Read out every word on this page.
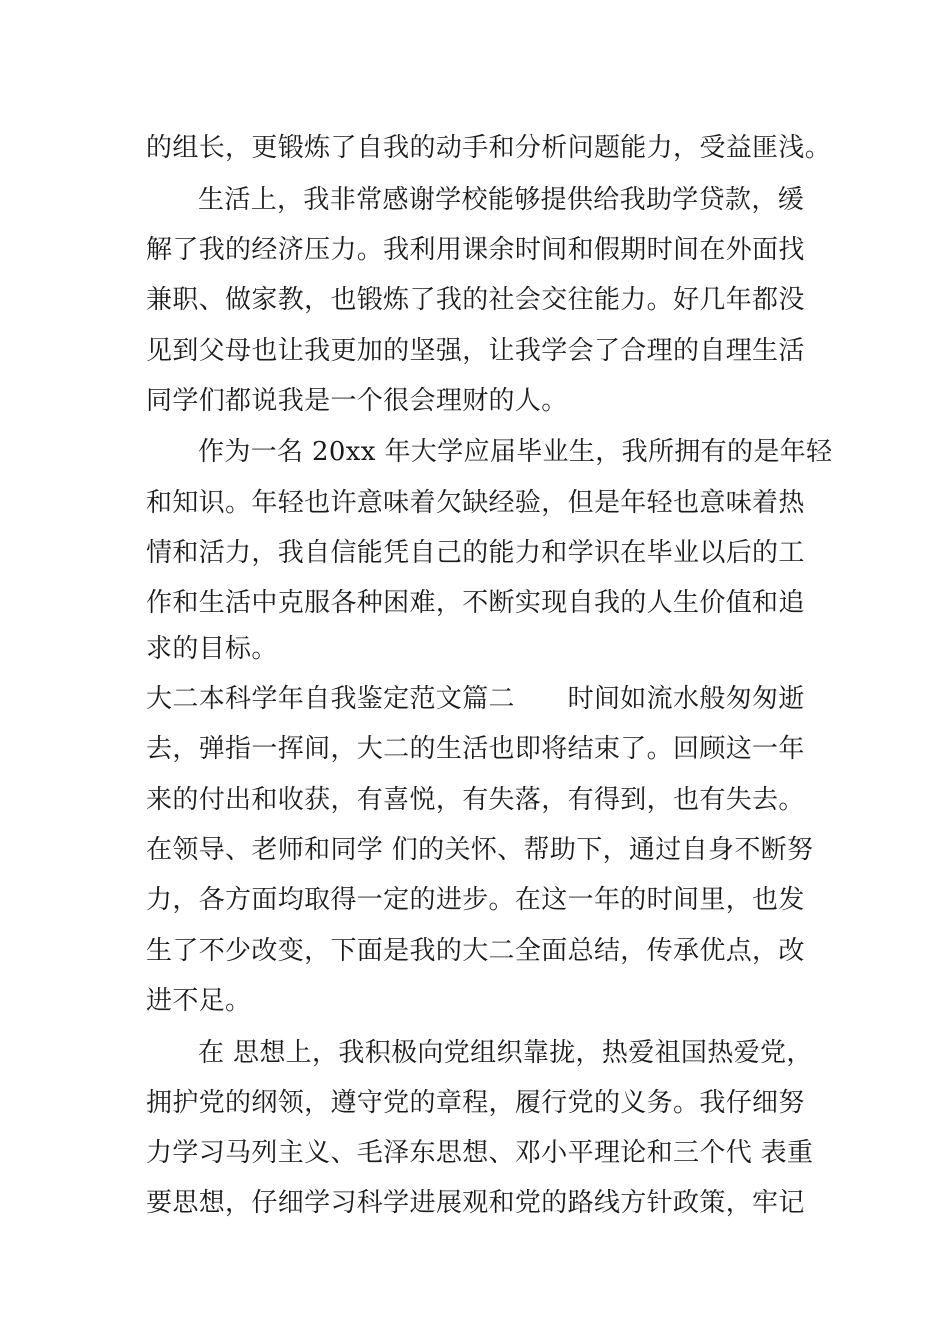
的组长，更锻炼了自我的动手和分析问题能力，受益匪浅。

生活上，我非常感谢学校能够提供给我助学贷款，缓

解了我的经济压力。我利用课余时间和假期时间在外面找

兼职、做家教，也锻炼了我的社会交往能力。好几年都没

见到父母也让我更加的坚强，让我学会了合理的自理生活

同学们都说我是一个很会理财的人。

作为一名 20xx 年大学应届毕业生，我所拥有的是年轻

和知识。年轻也许意味着欠缺经验，但是年轻也意味着热

情和活力，我自信能凭自己的能力和学识在毕业以后的工

作和生活中克服各种困难，不断实现自我的人生价值和追

求的目标。

大二本科学年自我鉴定范文篇二　　时间如流水般匆匆逝

去，弹指一挥间，大二的生活也即将结束了。回顾这一年

来的付出和收获，有喜悦，有失落，有得到，也有失去。

在领导、老师和同学 们的关怀、帮助下，通过自身不断努

力，各方面均取得一定的进步。在这一年的时间里，也发

生了不少改变，下面是我的大二全面总结，传承优点，改

进不足。

在 思想上，我积极向党组织靠拢，热爱祖国热爱党，

拥护党的纲领，遵守党的章程，履行党的义务。我仔细努

力学习马列主义、毛泽东思想、邓小平理论和三个代 表重

要思想，仔细学习科学进展观和党的路线方针政策，牢记
